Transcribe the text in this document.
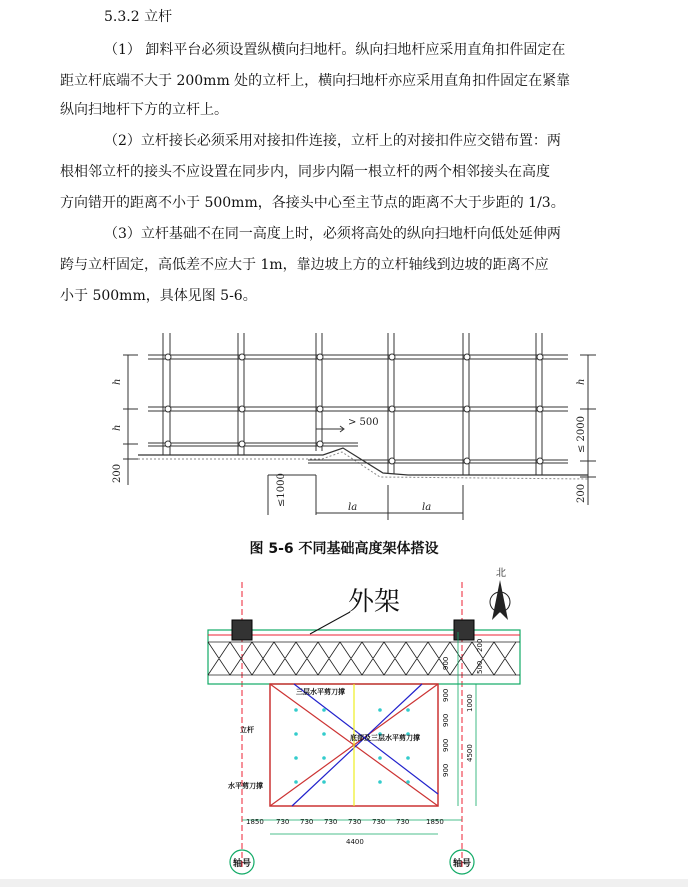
5.3.2 立杆
（1） 卸料平台必须设置纵横向扫地杆。纵向扫地杆应采用直角扣件固定在
距立杆底端不大于 200mm 处的立杆上，横向扫地杆亦应采用直角扣件固定在紧靠
纵向扫地杆下方的立杆上。
（2）立杆接长必须采用对接扣件连接，立杆上的对接扣件应交错布置：两
根相邻立杆的接头不应设置在同步内，同步内隔一根立杆的两个相邻接头在高度
方向错开的距离不小于 500mm，各接头中心至主节点的距离不大于步距的 1/3。
（3）立杆基础不在同一高度上时，必须将高处的纵向扫地杆向低处延伸两
跨与立杆固定，高低差不应大于 1m，靠边坡上方的立杆轴线到边坡的距离不应
小于 500mm，具体见图 5-6。
h
h	> 500
≤1000
200
la	la
h
≤ 2000
200
图 5-6 不同基础高度架体搭设
外架
北
三层水平剪刀撑
底部及三层水平剪刀撑
立杆
水平剪刀撑
900
900
900
900
900
200
500
1000
4500
1850 730 730 730 730 730 730 1850
4400
轴号	轴号
